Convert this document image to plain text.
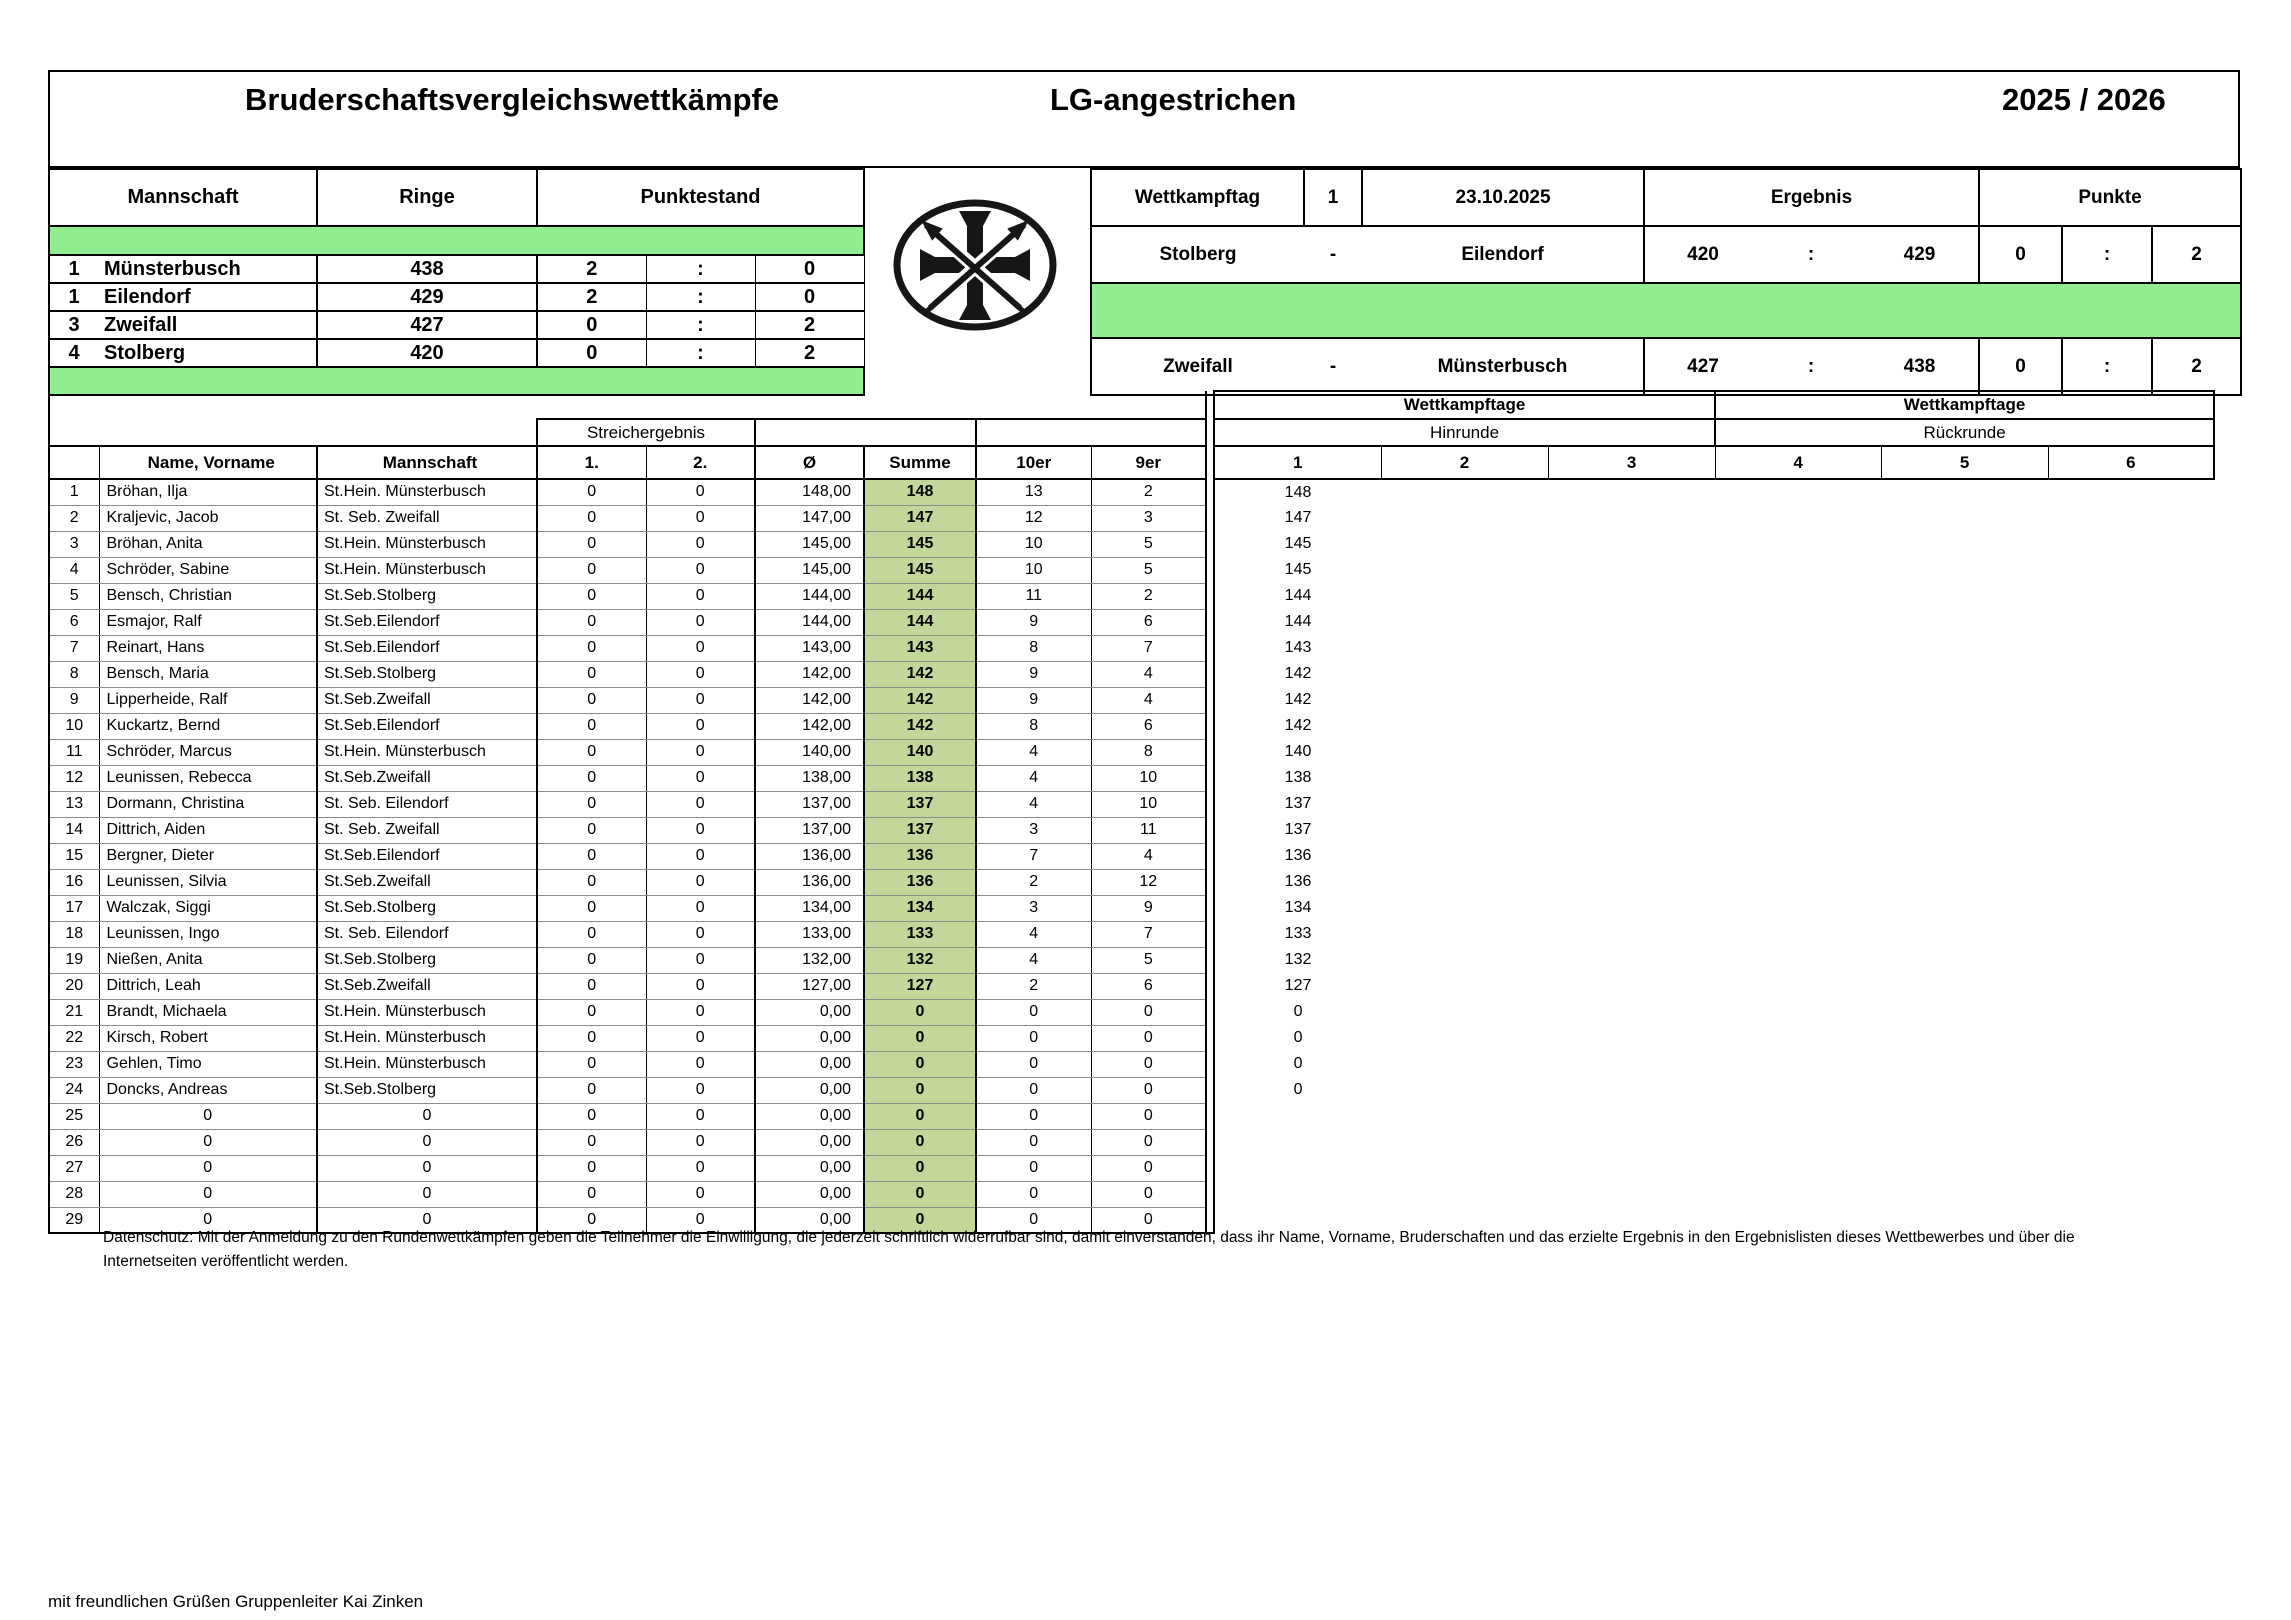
Bruderschaftsvergleichswettkämpfe	LG-angestrichen	2025 / 2026
Mannschaft	Ringe	Punktestand		

1 Münsterbusch	438	2	:	0
1 Eilendorf	429	2	:	0
3 Zweifall	427	0	:	2
4 Stolberg	420	0	:	2

Wettkampftag	1	23.10.2025	Ergebnis			Punkte		
Stolberg	-	Eilendorf	420	:	429	0	:	2

Zweifall	-	Münsterbusch	427	:	438	0	:	2
										Wettkampftage			Wettkampftage		
			Streichergebnis							Hinrunde			Rückrunde		
	Name, Vorname	Mannschaft	1.	2.	Ø	Summe	10er	9er		1	2	3	4	5	6
1	Bröhan, Ilja	St.Hein. Münsterbusch	0	0	148,00	148	13	2		148					
2	Kraljevic, Jacob	St. Seb. Zweifall	0	0	147,00	147	12	3		147					
3	Bröhan, Anita	St.Hein. Münsterbusch	0	0	145,00	145	10	5		145					
4	Schröder, Sabine	St.Hein. Münsterbusch	0	0	145,00	145	10	5		145					
5	Bensch, Christian	St.Seb.Stolberg	0	0	144,00	144	11	2		144					
6	Esmajor, Ralf	St.Seb.Eilendorf	0	0	144,00	144	9	6		144					
7	Reinart, Hans	St.Seb.Eilendorf	0	0	143,00	143	8	7		143					
8	Bensch, Maria	St.Seb.Stolberg	0	0	142,00	142	9	4		142					
9	Lipperheide, Ralf	St.Seb.Zweifall	0	0	142,00	142	9	4		142					
10	Kuckartz, Bernd	St.Seb.Eilendorf	0	0	142,00	142	8	6		142					
11	Schröder, Marcus	St.Hein. Münsterbusch	0	0	140,00	140	4	8		140					
12	Leunissen, Rebecca	St.Seb.Zweifall	0	0	138,00	138	4	10		138					
13	Dormann, Christina	St. Seb. Eilendorf	0	0	137,00	137	4	10		137					
14	Dittrich, Aiden	St. Seb. Zweifall	0	0	137,00	137	3	11		137					
15	Bergner, Dieter	St.Seb.Eilendorf	0	0	136,00	136	7	4		136					
16	Leunissen, Silvia	St.Seb.Zweifall	0	0	136,00	136	2	12		136					
17	Walczak, Siggi	St.Seb.Stolberg	0	0	134,00	134	3	9		134					
18	Leunissen, Ingo	St. Seb. Eilendorf	0	0	133,00	133	4	7		133					
19	Nießen, Anita	St.Seb.Stolberg	0	0	132,00	132	4	5		132					
20	Dittrich, Leah	St.Seb.Zweifall	0	0	127,00	127	2	6		127					
21	Brandt, Michaela	St.Hein. Münsterbusch	0	0	0,00	0	0	0		0					
22	Kirsch, Robert	St.Hein. Münsterbusch	0	0	0,00	0	0	0		0					
23	Gehlen, Timo	St.Hein. Münsterbusch	0	0	0,00	0	0	0		0					
24	Doncks, Andreas	St.Seb.Stolberg	0	0	0,00	0	0	0		0					
25	0	0	0	0	0,00	0	0	0							
26	0	0	0	0	0,00	0	0	0							
27	0	0	0	0	0,00	0	0	0							
28	0	0	0	0	0,00	0	0	0							
29	0	0	0	0	0,00	0	0	0							
Datenschutz: Mit der Anmeldung zu den Rundenwettkämpfen geben die Teilnehmer die Einwilligung, die jederzeit schriftlich widerrufbar sind, damit einverstanden, dass ihr Name, Vorname, Bruderschaften und das erzielte Ergebnis in den Ergebnislisten dieses Wettbewerbes und über die
Internetseiten veröffentlicht werden.
mit freundlichen Grüßen Gruppenleiter Kai Zinken
